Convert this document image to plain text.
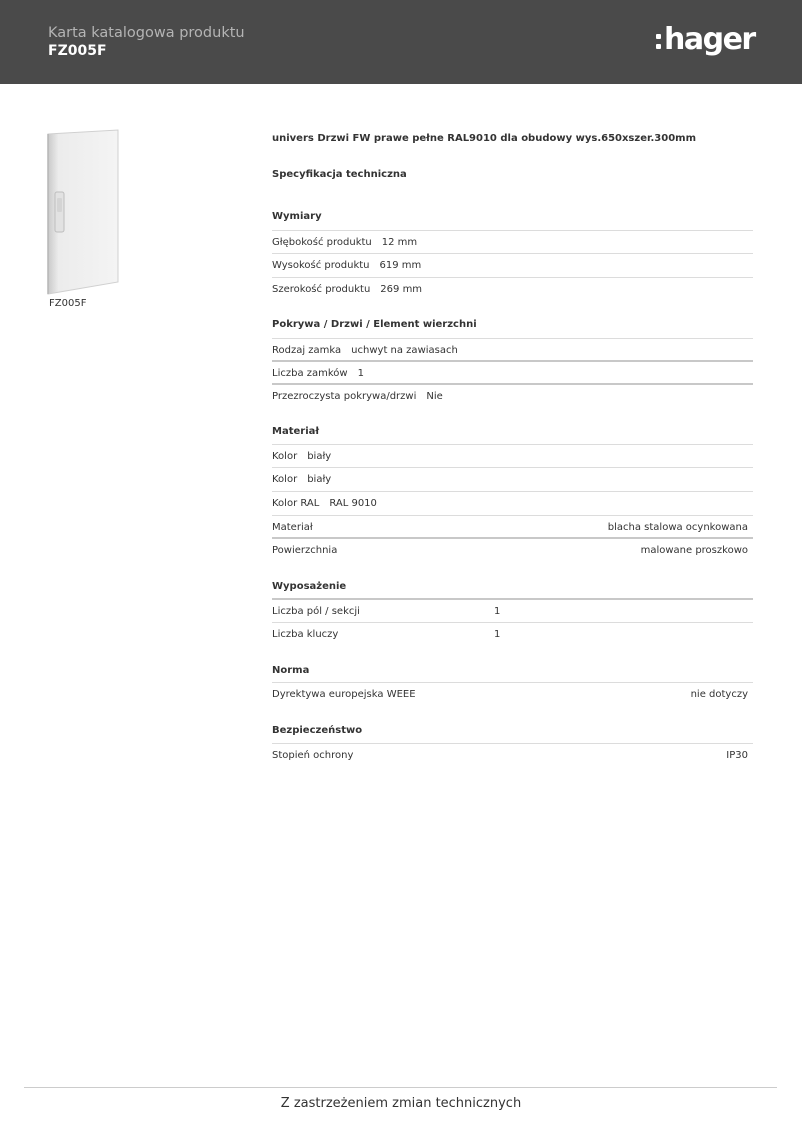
Karta katalogowa produktu
FZ005F	hager
FZ005F
univers Drzwi FW prawe pełne RAL9010 dla obudowy wys.650xszer.300mm
Specyfikacja techniczna
Wymiary
Głębokość produktu 12 mm
Wysokość produktu 619 mm
Szerokość produktu 269 mm
Pokrywa / Drzwi / Element wierzchni
Rodzaj zamka uchwyt na zawiasach
Liczba zamków 1
Przezroczysta pokrywa/drzwi Nie
Materiał
Kolor biały
Kolor biały
Kolor RAL RAL 9010
Materiał	blacha stalowa ocynkowana
Powierzchnia	malowane proszkowo
Wyposażenie
Liczba pól / sekcji	1
Liczba kluczy	1
Norma
Dyrektywa europejska WEEE	nie dotyczy
Bezpieczeństwo
Stopień ochrony	IP30
Z zastrzeżeniem zmian technicznych
